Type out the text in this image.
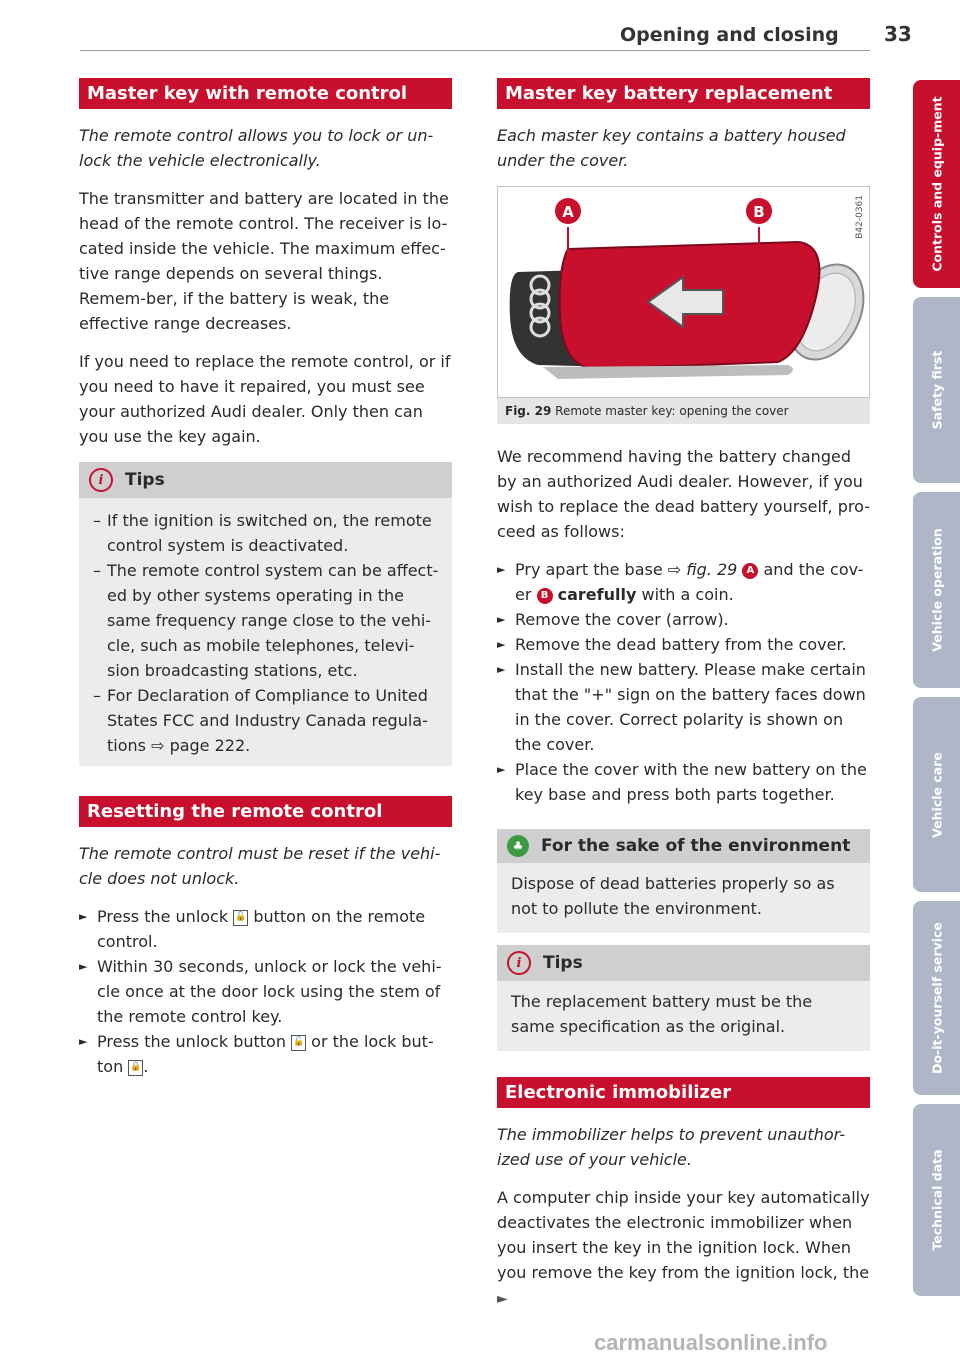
Opening and closing 33
Master key with remote control

The remote control allows you to lock or un-lock the vehicle electronically.

The transmitter and battery are located in the head of the remote control. The receiver is lo-cated inside the vehicle. The maximum effec-tive range depends on several things. Remem-ber, if the battery is weak, the effective range decreases.

If you need to replace the remote control, or if you need to have it repaired, you must see your authorized Audi dealer. Only then can you use the key again.

i	Tips
– If the ignition is switched on, the remote control system is deactivated.
– The remote control system can be affect-ed by other systems operating in the same frequency range close to the vehi-cle, such as mobile telephones, televi-sion broadcasting stations, etc.
– For Declaration of Compliance to United States FCC and Industry Canada regula-tions ⇨ page 222.
Resetting the remote control

The remote control must be reset if the vehi-cle does not unlock.

► Press the unlock 🔓 button on the remote control.
► Within 30 seconds, unlock or lock the vehi-cle once at the door lock using the stem of the remote control key.
► Press the unlock button 🔓 or the lock but-ton 🔒 .
Master key battery replacement

Each master key contains a battery housed under the cover.

A	B	B42-0361
Fig. 29 Remote master key: opening the cover

We recommend having the battery changed by an authorized Audi dealer. However, if you wish to replace the dead battery yourself, pro-ceed as follows:

► Pry apart the base ⇨ fig. 29 A and the cov-er B carefully with a coin.
► Remove the cover (arrow).
► Remove the dead battery from the cover.
► Install the new battery. Please make certain that the "+" sign on the battery faces down in the cover. Correct polarity is shown on the cover.
► Place the cover with the new battery on the key base and press both parts together.
♣	For the sake of the environment
Dispose of dead batteries properly so as not to pollute the environment.
i	Tips
The replacement battery must be the same specification as the original.
Electronic immobilizer

The immobilizer helps to prevent unauthor-ized use of your vehicle.

A computer chip inside your key automatically deactivates the electronic immobilizer when you insert the key in the ignition lock. When you remove the key from the ignition lock, the ►

Controls and equip-ment
Safety first
Vehicle operation
Vehicle care
Do-it-yourself service
Technical data
carmanualsonline.info
